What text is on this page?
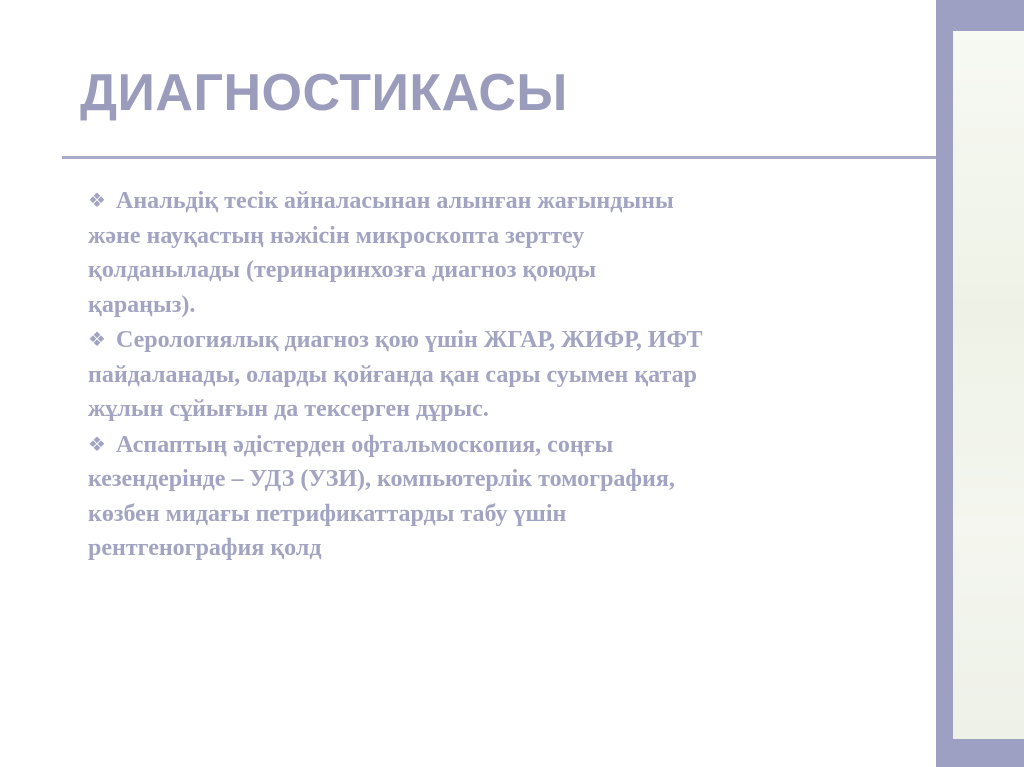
ДИАГНОСТИКАСЫ

❖ Анальдiқ тесiк айналасынан алынған жағындыны
және науқастың нәжiсiн микроскопта зерттеу
қолданылады (теринаринхозға диагноз қоюды
қараңыз).

❖ Серологиялық диагноз қою үшiн ЖГАР, ЖИФР, ИФТ
пайдаланады, оларды қойғанда қан сары суымен қатар
жұлын сұйығын да тексерген дұрыс.

❖ Аспаптың әдiстерден офтальмоскопия, соңғы
кезендерiнде – УДЗ (УЗИ), компьютерлiк томография,
көзбен мидағы петрификаттарды табу үшiн
рентгенография қолд
